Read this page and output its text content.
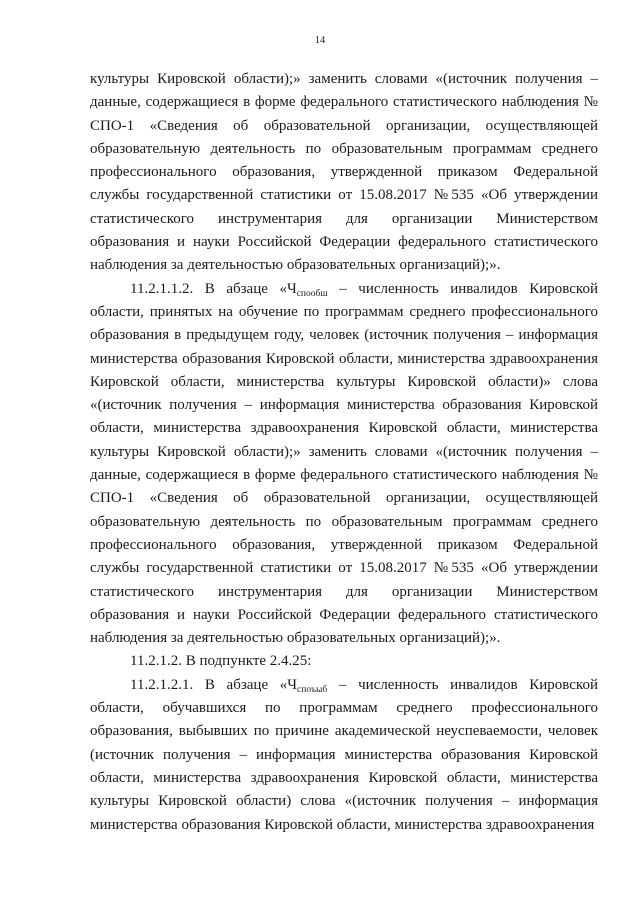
14

культуры Кировской области);» заменить словами «(источник получения – данные, содержащиеся в форме федерального статистического наблюдения № СПО-1 «Сведения об образовательной организации, осуществляющей образовательную деятельность по образовательным программам среднего профессионального образования, утвержденной приказом Федеральной службы государственной статистики от 15.08.2017 №535 «Об утверждении статистического инструментария для организации Министерством образования и науки Российской Федерации федерального статистического наблюдения за деятельностью образовательных организаций);».

11.2.1.1.2. В абзаце «$Ч_{спообш}$ – численность инвалидов Кировской области, принятых на обучение по программам среднего профессионального образования в предыдущем году, человек (источник получения – информация министерства образования Кировской области, министерства здравоохранения Кировской области, министерства культуры Кировской области)» слова «(источник получения – информация министерства образования Кировской области, министерства здравоохранения Кировской области, министерства культуры Кировской области);» заменить словами «(источник получения – данные, содержащиеся в форме федерального статистического наблюдения № СПО-1 «Сведения об образовательной организации, осуществляющей образовательную деятельность по образовательным программам среднего профессионального образования, утвержденной приказом Федеральной службы государственной статистики от 15.08.2017 №535 «Об утверждении статистического инструментария для организации Министерством образования и науки Российской Федерации федерального статистического наблюдения за деятельностью образовательных организаций);».

11.2.1.2. В подпункте 2.4.25:

11.2.1.2.1. В абзаце «$Ч_{споъыб}$ – численность инвалидов Кировской области, обучавшихся по программам среднего профессионального образования, выбывших по причине академической неуспеваемости, человек (источник получения – информация министерства образования Кировской области, министерства здравоохранения Кировской области, министерства культуры Кировской области) слова «(источник получения – информация министерства образования Кировской области, министерства здравоохранения
